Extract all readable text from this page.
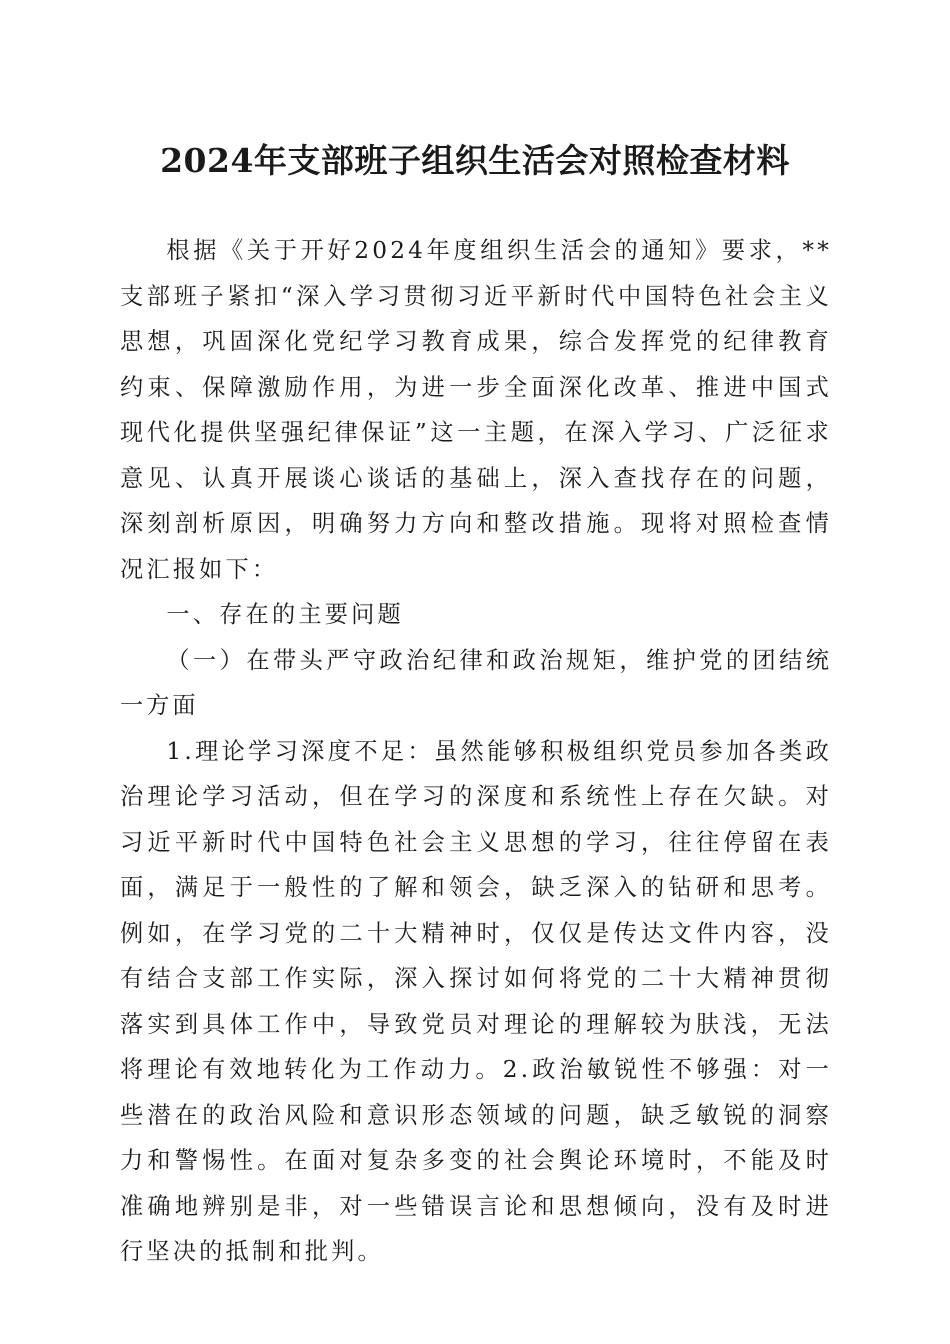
2024年支部班子组织生活会对照检查材料

根据《关于开好2024年度组织生活会的通知》要求，**支部班子紧扣“深入学习贯彻习近平新时代中国特色社会主义思想，巩固深化党纪学习教育成果，综合发挥党的纪律教育约束、保障激励作用，为进一步全面深化改革、推进中国式现代化提供坚强纪律保证”这一主题，在深入学习、广泛征求意见、认真开展谈心谈话的基础上，深入查找存在的问题，深刻剖析原因，明确努力方向和整改措施。现将对照检查情况汇报如下：

一、存在的主要问题

（一）在带头严守政治纪律和政治规矩，维护党的团结统一方面

1.理论学习深度不足：虽然能够积极组织党员参加各类政治理论学习活动，但在学习的深度和系统性上存在欠缺。对习近平新时代中国特色社会主义思想的学习，往往停留在表面，满足于一般性的了解和领会，缺乏深入的钻研和思考。例如，在学习党的二十大精神时，仅仅是传达文件内容，没有结合支部工作实际，深入探讨如何将党的二十大精神贯彻落实到具体工作中，导致党员对理论的理解较为肤浅，无法将理论有效地转化为工作动力。2.政治敏锐性不够强：对一些潜在的政治风险和意识形态领域的问题，缺乏敏锐的洞察力和警惕性。在面对复杂多变的社会舆论环境时，不能及时准确地辨别是非，对一些错误言论和思想倾向，没有及时进行坚决的抵制和批判。
